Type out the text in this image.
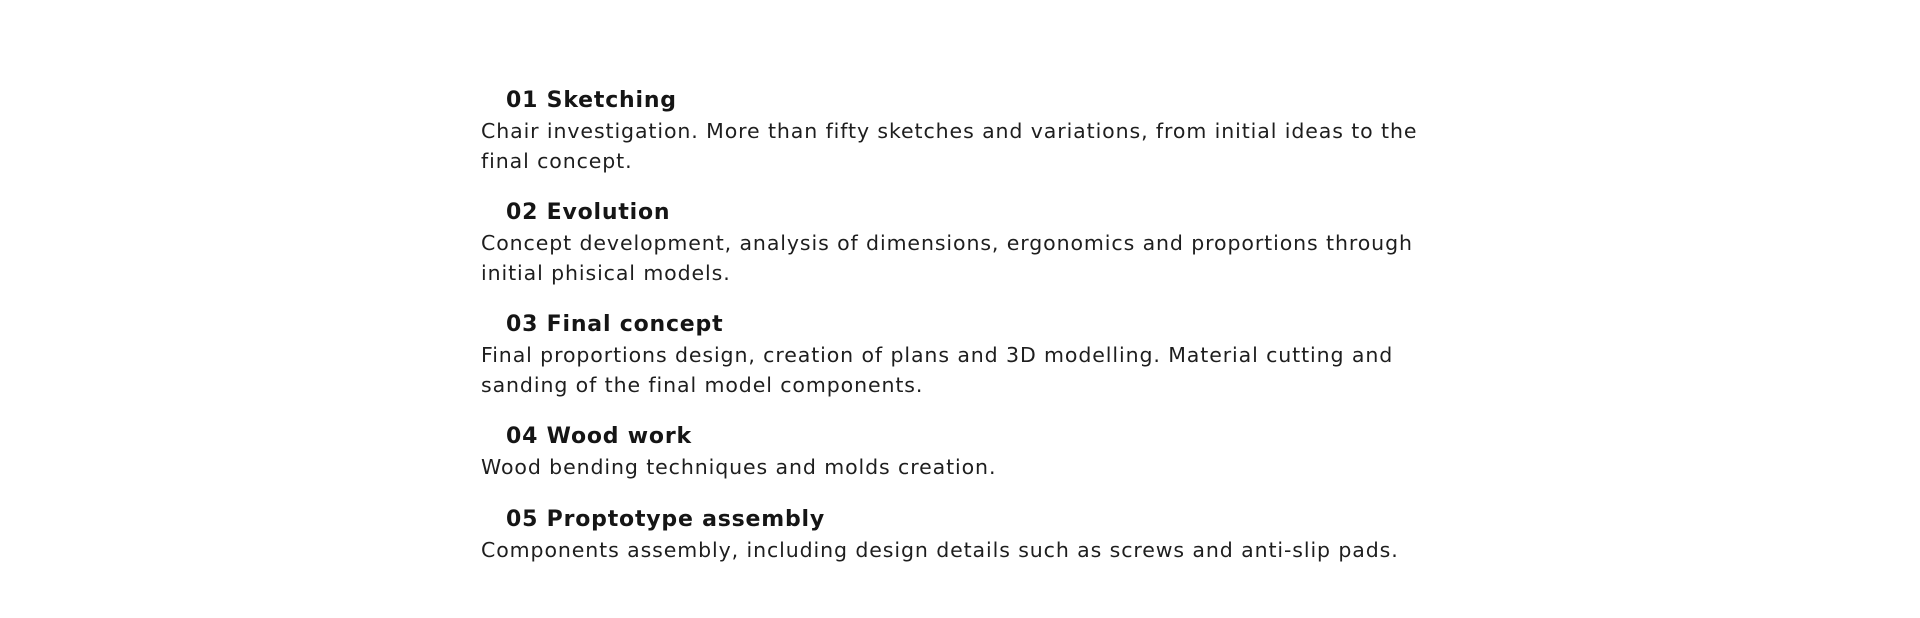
01 Sketching

Chair investigation. More than fifty sketches and variations, from initial ideas to the final concept.

02 Evolution

Concept development, analysis of dimensions, ergonomics and proportions through initial phisical models.

03 Final concept

Final proportions design, creation of plans and 3D modelling. Material cutting and sanding of the final model components.

04 Wood work

Wood bending techniques and molds creation.

05 Proptotype assembly

Components assembly, including design details such as screws and anti-slip pads.
